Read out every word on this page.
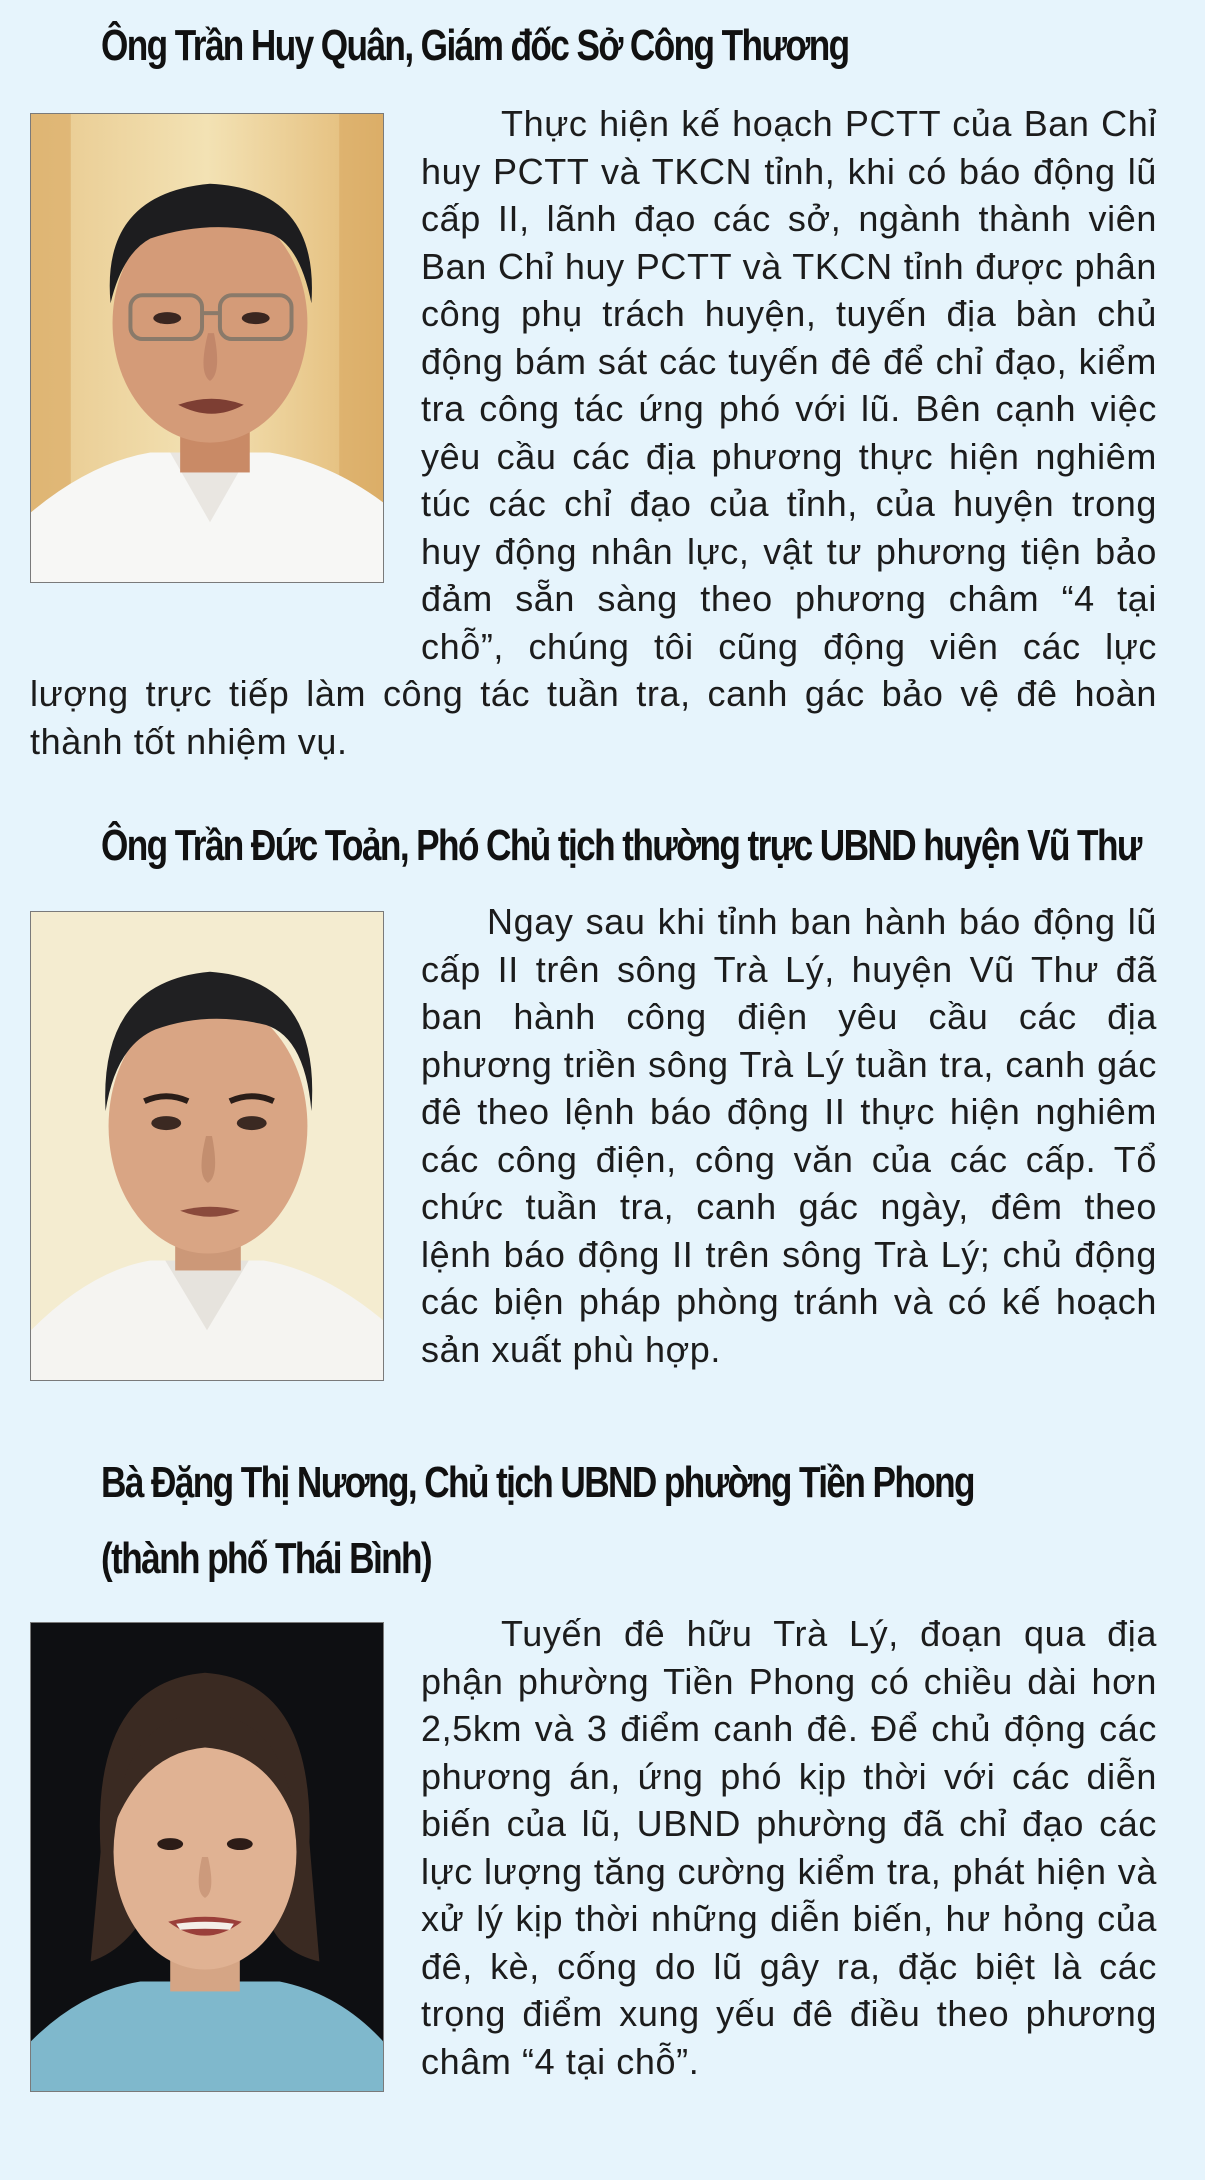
Ông Trần Huy Quân, Giám đốc Sở Công Thương

Thực hiện kế hoạch PCTT của Ban Chỉ huy PCTT và TKCN tỉnh, khi có báo động lũ cấp II, lãnh đạo các sở, ngành thành viên Ban Chỉ huy PCTT và TKCN tỉnh được phân công phụ trách huyện, tuyến địa bàn chủ động bám sát các tuyến đê để chỉ đạo, kiểm tra công tác ứng phó với lũ. Bên cạnh việc yêu cầu các địa phương thực hiện nghiêm túc các chỉ đạo của tỉnh, của huyện trong huy động nhân lực, vật tư phương tiện bảo đảm sẵn sàng theo phương châm “4 tại chỗ”, chúng tôi cũng động viên các lực lượng trực tiếp làm công tác tuần tra, canh gác bảo vệ đê hoàn thành tốt nhiệm vụ.

Ông Trần Đức Toản, Phó Chủ tịch thường trực UBND huyện Vũ Thư

Ngay sau khi tỉnh ban hành báo động lũ cấp II trên sông Trà Lý, huyện Vũ Thư đã ban hành công điện yêu cầu các địa phương triền sông Trà Lý tuần tra, canh gác đê theo lệnh báo động II thực hiện nghiêm các công điện, công văn của các cấp. Tổ chức tuần tra, canh gác ngày, đêm theo lệnh báo động II trên sông Trà Lý; chủ động các biện pháp phòng tránh và có kế hoạch sản xuất phù hợp.

Bà Đặng Thị Nương, Chủ tịch UBND phường Tiền Phong
(thành phố Thái Bình)

Tuyến đê hữu Trà Lý, đoạn qua địa phận phường Tiền Phong có chiều dài hơn 2,5km và 3 điểm canh đê. Để chủ động các phương án, ứng phó kịp thời với các diễn biến của lũ, UBND phường đã chỉ đạo các lực lượng tăng cường kiểm tra, phát hiện và xử lý kịp thời những diễn biến, hư hỏng của đê, kè, cống do lũ gây ra, đặc biệt là các trọng điểm xung yếu đê điều theo phương châm “4 tại chỗ”.
